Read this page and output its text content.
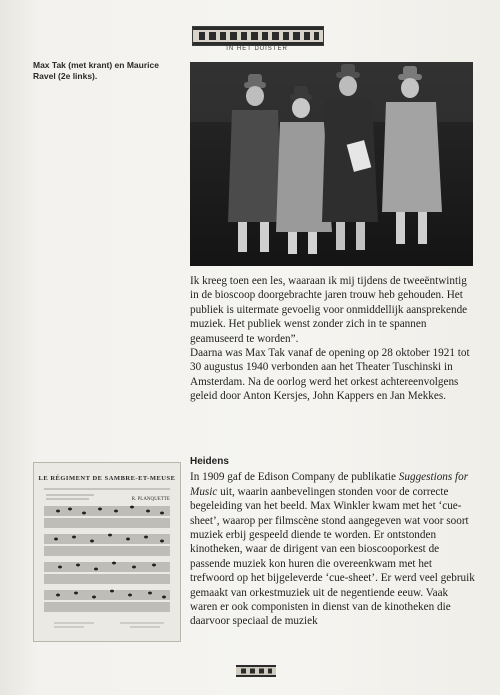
IN HET DUISTER
Max Tak (met krant) en Maurice Ravel (2e links).

Ik kreeg toen een les, waaraan ik mij tijdens de tweeëntwintig in de bioscoop doorgebrachte jaren trouw heb gehouden. Het publiek is uitermate gevoelig voor onmiddellijk aansprekende muziek. Het publiek wenst zonder zich in te spannen geamuseerd te worden”.

Daarna was Max Tak vanaf de opening op 28 oktober 1921 tot 30 augustus 1940 verbonden aan het Theater Tuschinski in Amsterdam. Na de oorlog werd het orkest achtereenvolgens geleid door Anton Kersjes, John Kappers en Jan Mekkes.

Heidens

In 1909 gaf de Edison Company de publikatie Suggestions for Music uit, waarin aanbevelingen stonden voor de correcte begeleiding van het beeld. Max Winkler kwam met het ‘cue-sheet’, waarop per filmscène stond aangegeven wat voor soort muziek erbij gespeeld diende te worden. Er ontstonden kinotheken, waar de dirigent van een bioscooporkest de passende muziek kon huren die overeenkwam met het trefwoord op het bijgeleverde ‘cue-sheet’. Er werd veel gebruik gemaakt van orkestmuziek uit de negentiende eeuw. Vaak waren er ook componisten in dienst van de kinotheken die daarvoor speciaal de muziek

LE RÉGIMENT DE SAMBRE-ET-MEUSE
R. PLANQUETTE
